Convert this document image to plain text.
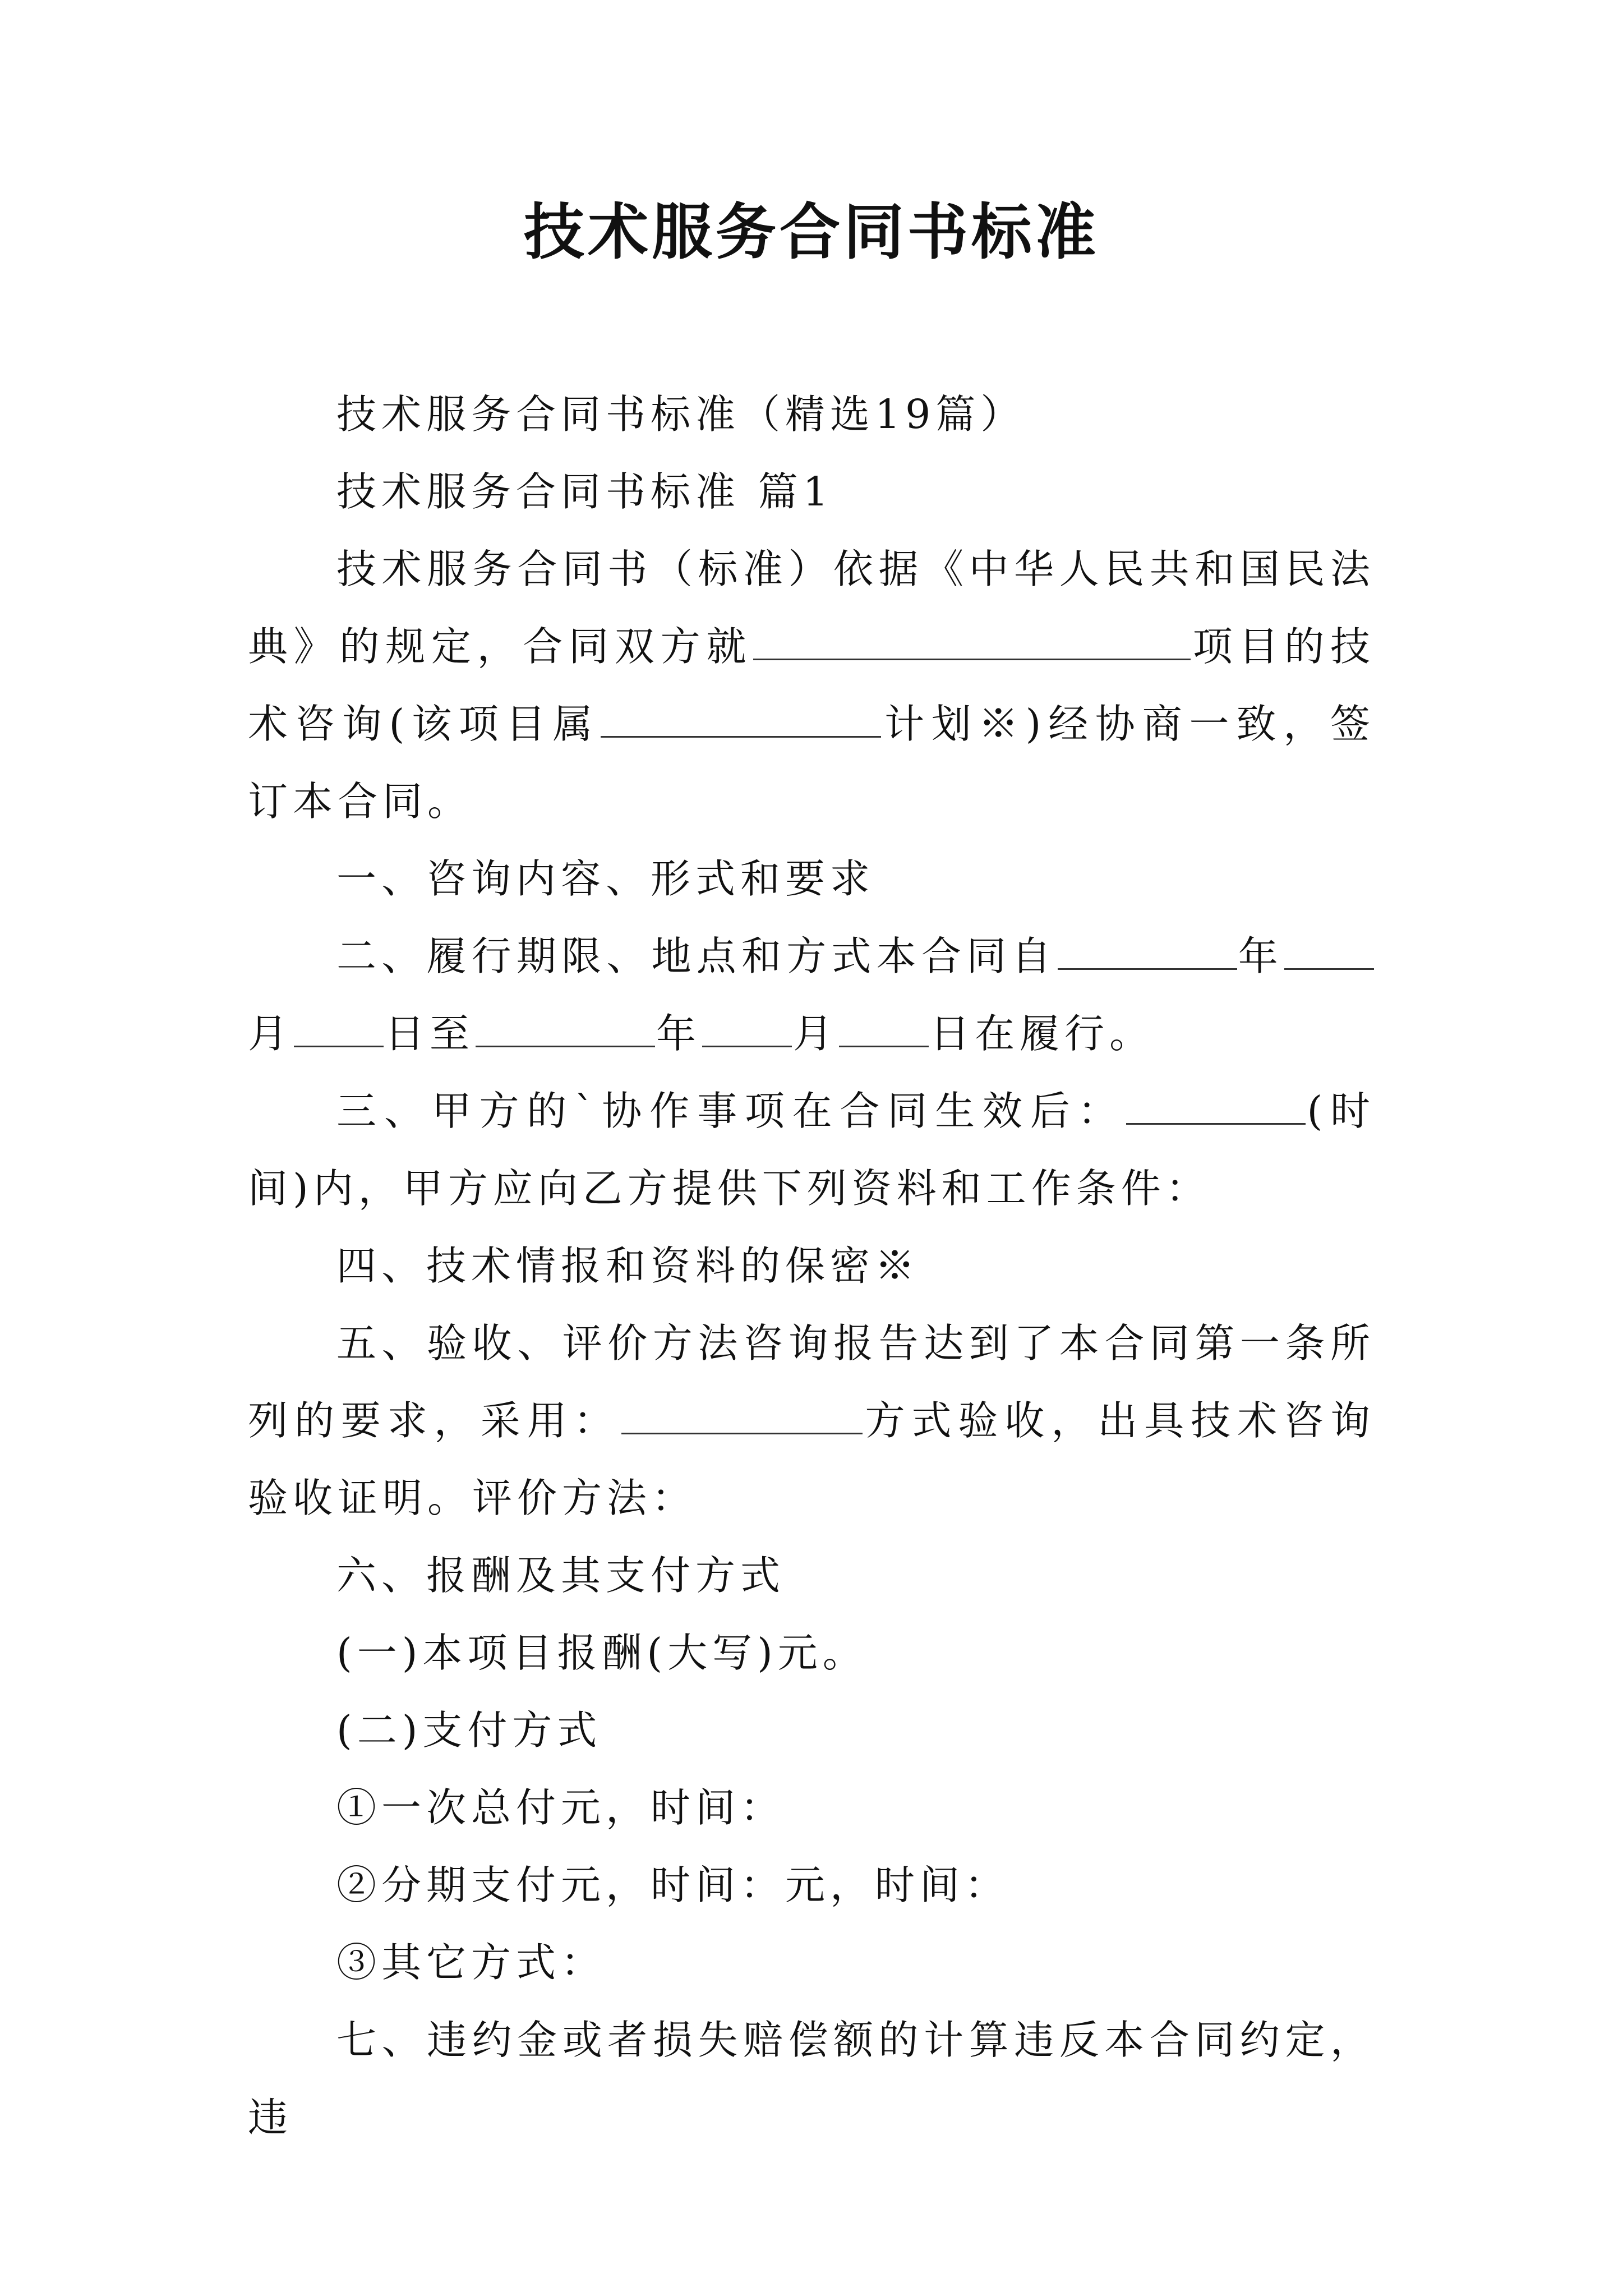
技术服务合同书标准

技术服务合同书标准（精选19篇）

技术服务合同书标准 篇1

技术服务合同书（标准）依据《中华人民共和国民法典》的规定，合同双方就	项目的技术咨询(该项目属	计划※)经协商一致，签订本合同。

一、咨询内容、形式和要求

二、履行期限、地点和方式本合同自	年月 日至	年 月 日在履行。

三、甲方的`协作事项在合同生效后：	(时间)内，甲方应向乙方提供下列资料和工作条件：

四、技术情报和资料的保密※

五、验收、评价方法咨询报告达到了本合同第一条所列的要求，采用：	方式验收，出具技术咨询验收证明。评价方法：

六、报酬及其支付方式

(一)本项目报酬(大写)元。

(二)支付方式

①一次总付元，时间：

②分期支付元，时间：元，时间：

③其它方式：

七、违约金或者损失赔偿额的计算违反本合同约定，违
